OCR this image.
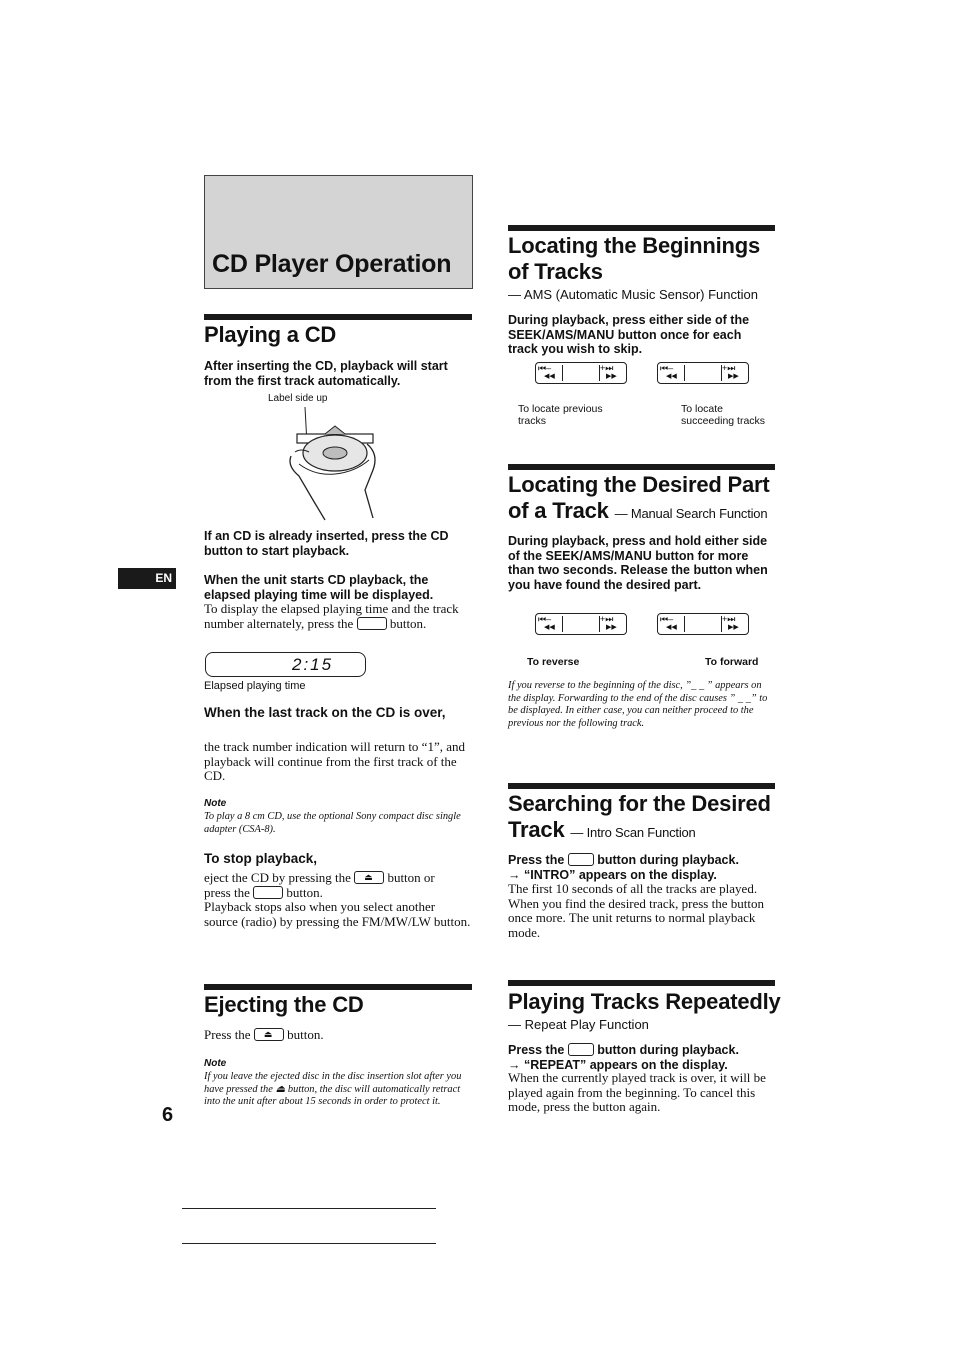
CD Player Operation
EN
6
Playing a CD
After inserting the CD, playback will start from the first track automatically.
Label side up
If an CD is already inserted, press the CD button to start playback.
When the unit starts CD playback, the elapsed playing time will be displayed.
To display the elapsed playing time and the track number alternately, press the	button.
2:15
Elapsed playing time
When the last track on the CD is over,
the track number indication will return to “1”, and playback will continue from the first track of the CD.
Note
To play a 8 cm CD, use the optional Sony compact disc single adapter (CSA-8).
To stop playback,
eject the CD by pressing the ⏏ button or
press the	button.
Playback stops also when you select another source (radio) by pressing the FM/MW/LW button.
Ejecting the CD
Press the ⏏ button.
Note
If you leave the ejected disc in the disc insertion slot after you have pressed the ⏏ button, the disc will automatically retract into the unit after about 15 seconds in order to protect it.
Locating the Beginnings of Tracks
— AMS (Automatic Music Sensor) Function
During playback, press either side of the SEEK/AMS/MANU button once for each track you wish to skip.
⏮–
◀◀
+⏭
▶▶
⏮–
◀◀
+⏭
▶▶
To locate previous tracks
To locate succeeding tracks
Locating the Desired Part of a Track — Manual Search Function
During playback, press and hold either side of the SEEK/AMS/MANU button for more than two seconds. Release the button when you have found the desired part.
⏮–
◀◀
+⏭
▶▶
⏮–
◀◀
+⏭
▶▶
To reverse	To forward
If you reverse to the beginning of the disc, ”_ _ ” appears on the display. Forwarding to the end of the disc causes ” _ _” to be displayed. In either case, you can neither proceed to the previous nor the following track.
Searching for the Desired Track — Intro Scan Function
Press the	button during playback.
→ “INTRO” appears on the display.
The first 10 seconds of all the tracks are played. When you find the desired track, press the button once more. The unit returns to normal playback mode.
Playing Tracks Repeatedly
— Repeat Play Function
Press the	button during playback.
→ “REPEAT” appears on the display.
When the currently played track is over, it will be played again from the beginning. To cancel this mode, press the button again.
